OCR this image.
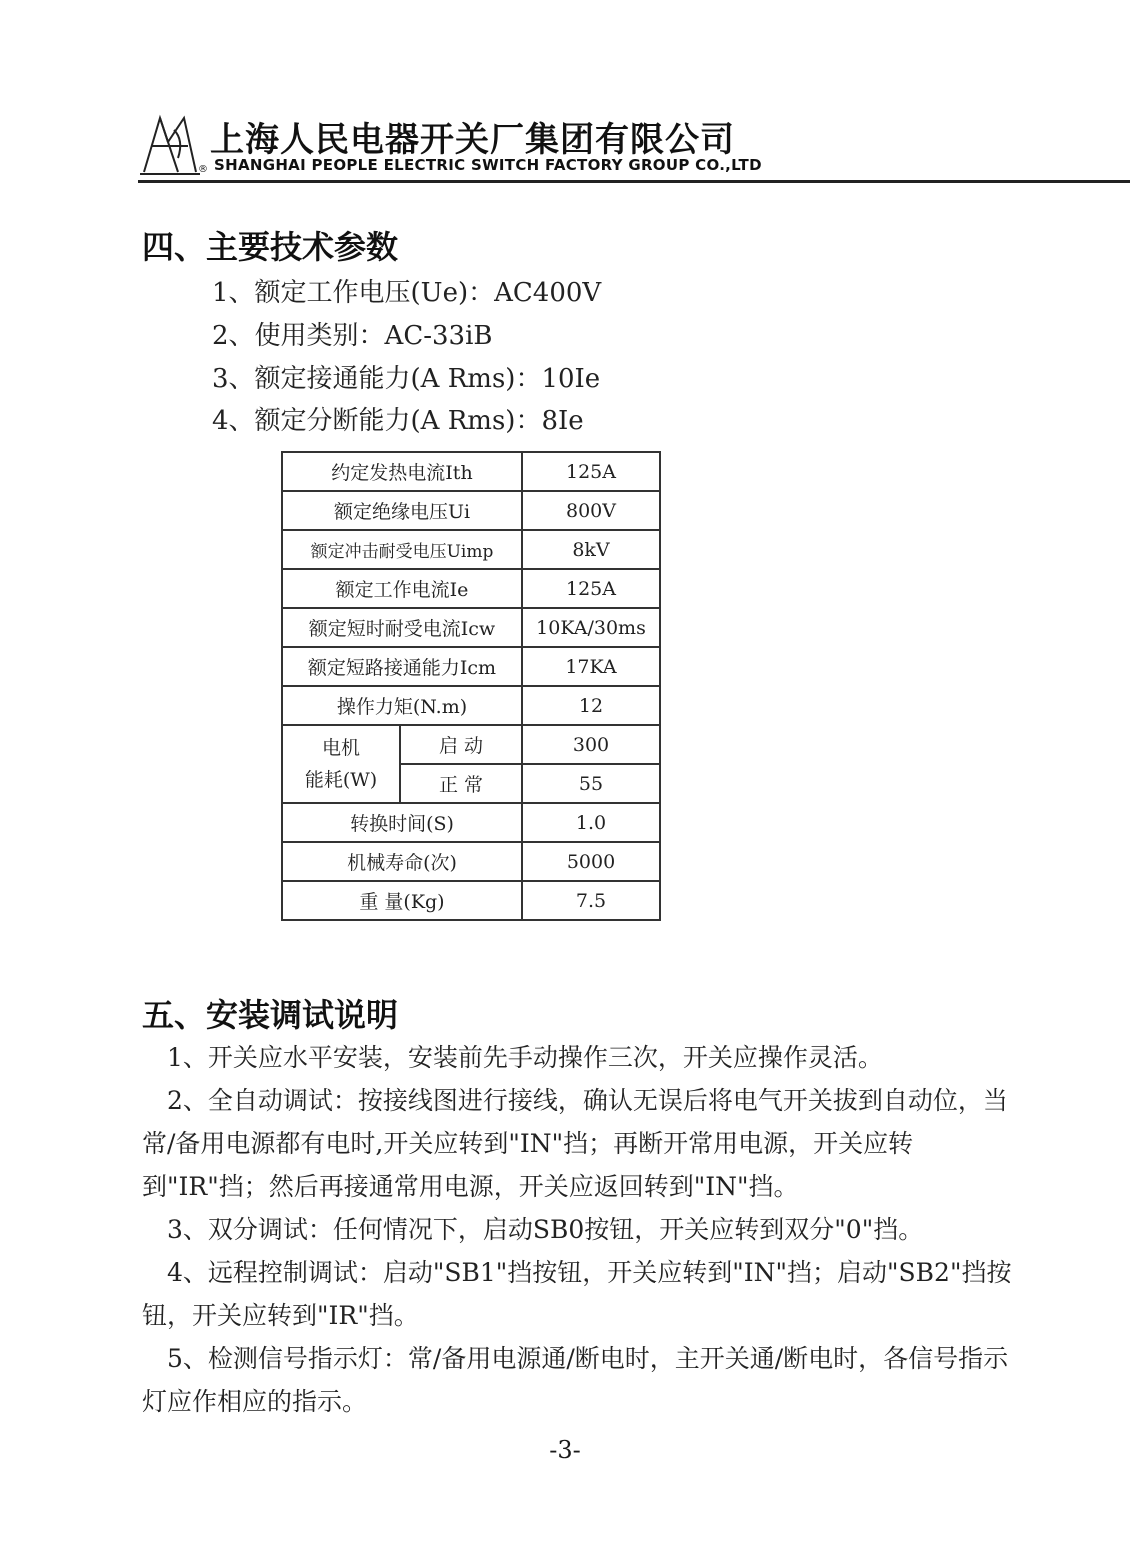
®
上海人民电器开关厂集团有限公司
SHANGHAI PEOPLE ELECTRIC SWITCH FACTORY GROUP CO.,LTD
四、主要技术参数
1、额定工作电压(Ue)：AC400V
2、使用类别：AC-33iB
3、额定接通能力(A Rms)：10Ie
4、额定分断能力(A Rms)：8Ie
约定发热电流Ith		125A
额定绝缘电压Ui		800V
额定冲击耐受电压Uimp		8kV
额定工作电流Ie		125A
额定短时耐受电流Icw		10KA/30ms
额定短路接通能力Icm		17KA
操作力矩(N.m)		12

电机
能耗(W)	启 动	300
	正 常	55
转换时间(S)		1.0
机械寿命(次)		5000
重 量(Kg)		7.5
五、安装调试说明
1、开关应水平安装，安装前先手动操作三次，开关应操作灵活。
2、全自动调试：按接线图进行接线，确认无误后将电气开关拔到自动位，当常/备用电源都有电时,开关应转到"IN"挡；再断开常用电源，开关应转到"IR"挡；然后再接通常用电源，开关应返回转到"IN"挡。
3、双分调试：任何情况下，启动SB0按钮，开关应转到双分"0"挡。
4、远程控制调试：启动"SB1"挡按钮，开关应转到"IN"挡；启动"SB2"挡按钮，开关应转到"IR"挡。
5、检测信号指示灯：常/备用电源通/断电时，主开关通/断电时，各信号指示灯应作相应的指示。
-3-
